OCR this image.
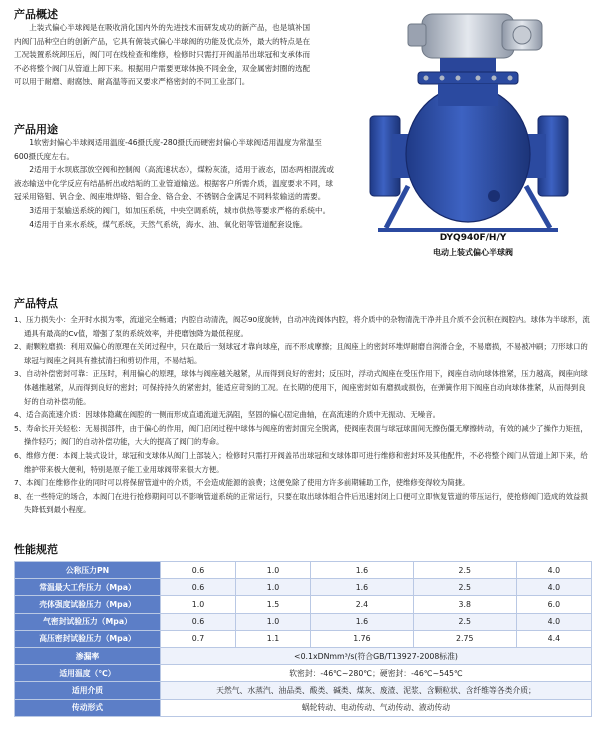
产品概述
上装式偏心半球阀是在吸收消化国内外的先进技术而研发成功的新产品，也是填补国内阀门品种空白的创新产品，它具有俯装式偏心半球阀的功能及优点外，最大的特点是在工况装置系统卸压后，阀门可在线检查和维修，检修时只需打开阀盖吊出球冠和支承体而不必将整个阀门从管道上卸下来。根据用户需要更球体换不同金金，双金属密封圈的选配可以用于耐磨、耐腐蚀、耐高温等而又要求严格密封的不同工业部门。
产品用途
1软密封偏心半球阀适用温度-46摄氏度-280摄氏而硬密封偏心半球阀适用温度为常温至600摄氏度左右。
2适用于水坝底部放空阀和控制阀（高流速状态），煤粉灰渣，适用于液态，固态两相混流或液态输送中化学反应有结晶析出或结垢的工业管道输送。根据客户所需介质，温度要求不同，球冠采用铬钼、钒合金、阀座堆焊铬、钼合金、铬合金、不锈钢合金满足不同料浆输送的需要。
3适用于泵输送系统的阀门，如加压系统，中央空调系统，城市供热等要求严格的系统中。
4适用于自来水系统，煤气系统，天然气系统，海水、油、氧化铝等管道配套设施。
DYQ940F/H/Y
电动上装式偏心半球阀
产品特点
1、压力损失小：全开时水损为零，流道完全畅通；内腔自动清洗，阀芯90度旋转，自动冲洗阀体内腔，将介质中的杂物清洗干净并且介质不会沉积在阀腔内。球体为半球形，流通具有最高的Cv值，增强了泵的系统效率，并使磨蚀降为最低程度。
2、耐颗粒磨损：利用双偏心的原理在关闭过程中，只在最后一刻球冠才靠向球座，而不形成摩擦；且阀座上的密封环堆焊耐磨自润滑合金，不易磨损，不易被冲刷；刀形球口的球冠与阀座之间具有推拭清扫和剪切作用，不易结垢。
3、自动补偿密封可靠：正压时，利用偏心的原理，球体与阀座越关越紧，从而得到良好的密封；反压时，浮动式阀座在受压作用下，阀座自动向球体推紧，压力越高，阀座向球体越推越紧，从而得到良好的密封；可保持持久的紧密封，能适应苛刻的工况。在长期的使用下，阀座密封如有磨损或损伤，在弹簧作用下阀座自动向球体推紧，从而得到良好的自动补偿功能。
4、适合高流速介质：因球体隐藏在阀腔的一侧而形成直通流道无涡阻，坚固的偏心固定曲轴，在高流速的介质中无振动、无噪音。
5、寿命长开关轻松：无易损部件，由于偏心的作用，阀门启闭过程中球体与阀座的密封面完全脱离，使阀座表面与球冠球面间无擦伤僵无摩擦转动，有效的减少了操作力矩扭，操作轻巧；阀门的自动补偿功能，大大的提高了阀门的寿命。
6、维修方便：本阀上装式设计，球冠和支球体从阀门上部装入；检修时只需打开阀盖吊出球冠和支球体即可进行维修和密封环及其他配件，不必将整个阀门从管道上卸下来，给维护带来极大便利，特别是原子能工业用球阀带来很大方便。
7、本阀门在维修作业的同时可以将保留管道中的介质，不会造成能源的浪费；这便免除了使用方许多前期辅助工作，使维修变得较为简捷。
8、在一些特定的场合，本阀门在进行抢修期间可以不影响管道系统的正常运行，只要在取出球体组合件后迅速封闭上口便可立即恢复管道的带压运行，使抢修阀门造成的效益损失降低到最小程度。
性能规范
公称压力PN	0.6	1.0	1.6	2.5	4.0
常温最大工作压力（Mpa）	0.6	1.0	1.6	2.5	4.0
壳体强度试验压力（Mpa）	1.0	1.5	2.4	3.8	6.0
气密封试验压力（Mpa）	0.6	1.0	1.6	2.5	4.0
高压密封试验压力（Mpa）	0.7	1.1	1.76	2.75	4.4
渗漏率	<0.1xDNmm³/s(符合GB/T13927-2008标准)				
适用温度（℃）	软密封：-46℃~280℃；硬密封：-46℃~545℃				
适用介质	天然气、水蒸汽、油品类、酸类、碱类、煤灰、废渣、泥浆、含颗粒状、含纤维等各类介质；				
传动形式	蜗轮转动、电动传动、气动传动、液动传动				
